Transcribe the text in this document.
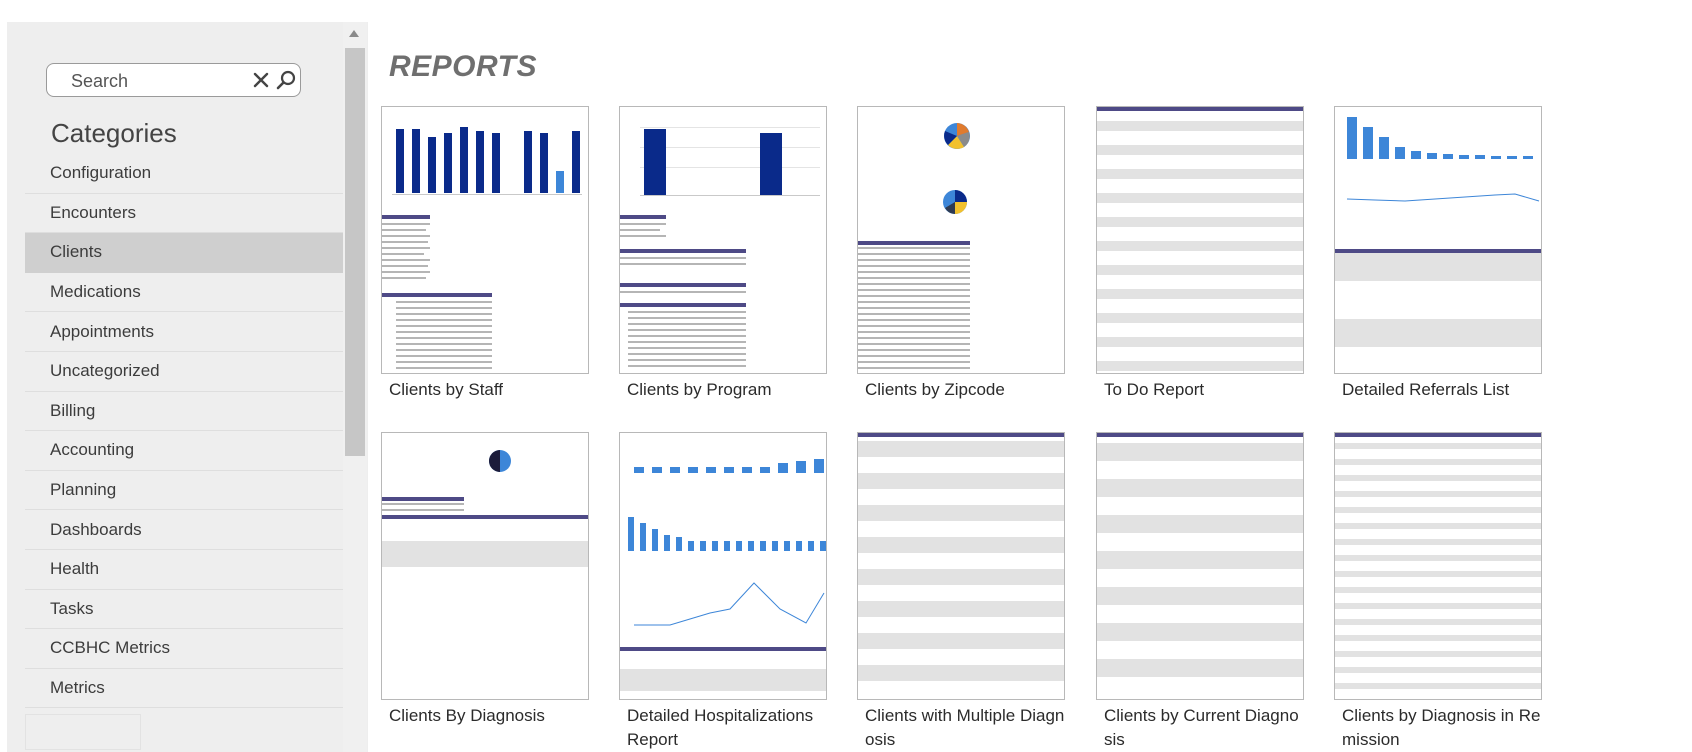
Search
Categories
Configuration
Encounters
Clients
Medications
Appointments
Uncategorized
Billing
Accounting
Planning
Dashboards
Health
Tasks
CCBHC Metrics
Metrics
REPORTS
Clients by Staff	Clients by Program	Clients by Zipcode	To Do Report	Detailed Referrals List
Clients By Diagnosis	Detailed Hospitalizations Report
Clients with Multiple Diagnosis
Clients by Current Diagnosis
Clients by Diagnosis in Remission
